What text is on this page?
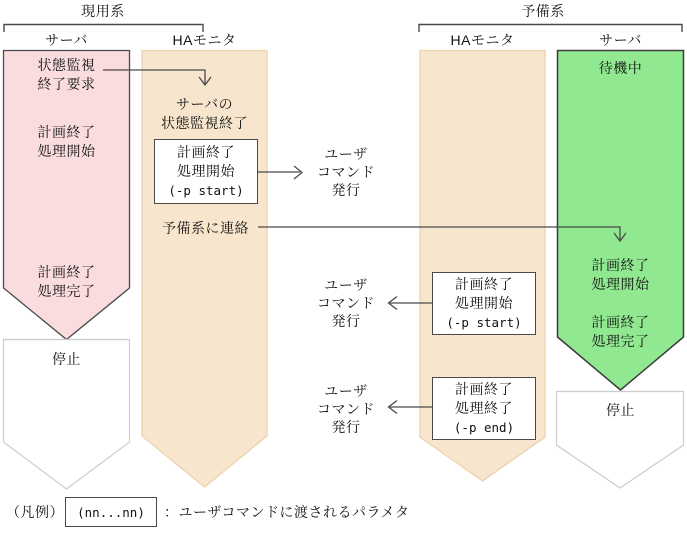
現用系	予備系
サーバ	HAモニタ	HAモニタ	サーバ
状態監視
終了要求
計画終了
処理開始
計画終了
処理完了
停止
サーバの
状態監視終了
計画終了
処理開始
(-p start)
予備系に連絡
ユーザ
コマンド
発行
ユーザ
コマンド
発行
ユーザ
コマンド
発行
計画終了
処理開始
(-p start)
計画終了
処理終了
(-p end)
待機中
計画終了
処理開始
計画終了
処理完了
停止
（凡例） (nn...nn) ：ユーザコマンドに渡されるパラメタ
